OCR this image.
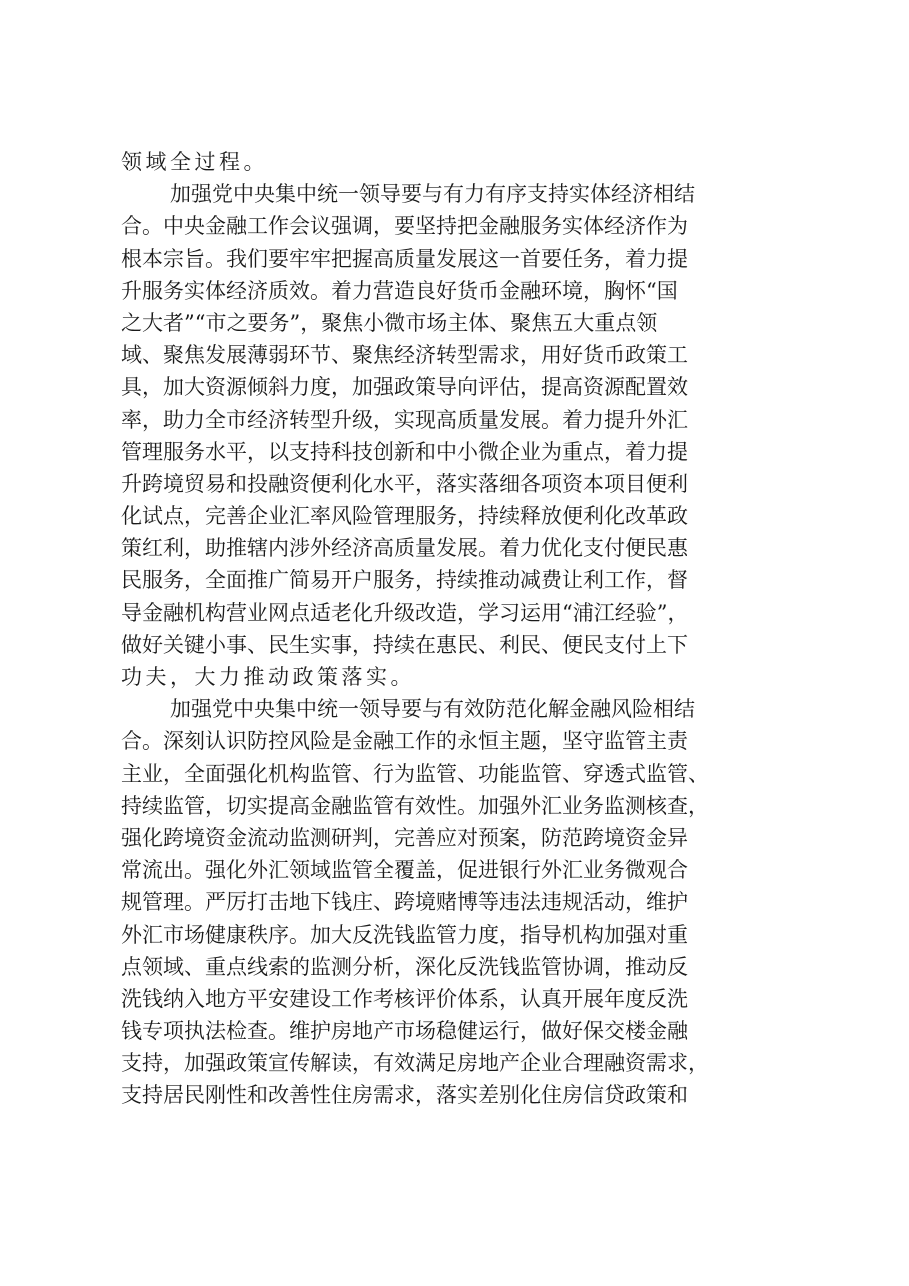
领域全过程。
加强党中央集中统一领导要与有力有序支持实体经济相结
合。中央金融工作会议强调，要坚持把金融服务实体经济作为
根本宗旨。我们要牢牢把握高质量发展这一首要任务，着力提
升服务实体经济质效。着力营造良好货币金融环境，胸怀“国
之大者”“市之要务”，聚焦小微市场主体、聚焦五大重点领
域、聚焦发展薄弱环节、聚焦经济转型需求，用好货币政策工
具，加大资源倾斜力度，加强政策导向评估，提高资源配置效
率，助力全市经济转型升级，实现高质量发展。着力提升外汇
管理服务水平，以支持科技创新和中小微企业为重点，着力提
升跨境贸易和投融资便利化水平，落实落细各项资本项目便利
化试点，完善企业汇率风险管理服务，持续释放便利化改革政
策红利，助推辖内涉外经济高质量发展。着力优化支付便民惠
民服务，全面推广简易开户服务，持续推动减费让利工作，督
导金融机构营业网点适老化升级改造，学习运用“浦江经验”，
做好关键小事、民生实事，持续在惠民、利民、便民支付上下
功夫，大力推动政策落实。
加强党中央集中统一领导要与有效防范化解金融风险相结
合。深刻认识防控风险是金融工作的永恒主题，坚守监管主责
主业，全面强化机构监管、行为监管、功能监管、穿透式监管、
持续监管，切实提高金融监管有效性。加强外汇业务监测核查，
强化跨境资金流动监测研判，完善应对预案，防范跨境资金异
常流出。强化外汇领域监管全覆盖，促进银行外汇业务微观合
规管理。严厉打击地下钱庄、跨境赌博等违法违规活动，维护
外汇市场健康秩序。加大反洗钱监管力度，指导机构加强对重
点领域、重点线索的监测分析，深化反洗钱监管协调，推动反
洗钱纳入地方平安建设工作考核评价体系，认真开展年度反洗
钱专项执法检查。维护房地产市场稳健运行，做好保交楼金融
支持，加强政策宣传解读，有效满足房地产企业合理融资需求，
支持居民刚性和改善性住房需求，落实差别化住房信贷政策和
